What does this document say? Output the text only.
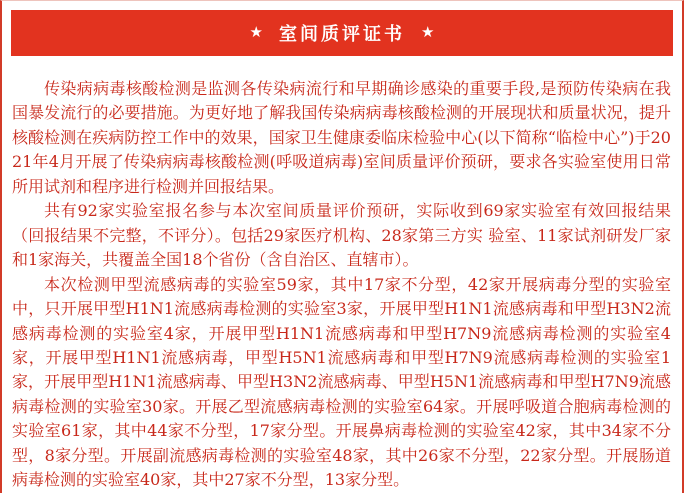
★ 室间质评证书 ★

传染病病毒核酸检测是监测各传染病流行和早期确诊感染的重要手段,是预防传染病在我国暴发流行的必要措施。为更好地了解我国传染病病毒核酸检测的开展现状和质量状况，提升核酸检测在疾病防控工作中的效果，国家卫生健康委临床检验中心(以下简称“临检中心”)于2021年4月开展了传染病病毒核酸检测(呼吸道病毒)室间质量评价预研，要求各实验室使用日常所用试剂和程序进行检测并回报结果。

共有92家实验室报名参与本次室间质量评价预研，实际收到69家实验室有效回报结果（回报结果不完整，不评分）。包括29家医疗机构、28家第三方实 验室、11家试剂研发厂家和1家海关，共覆盖全国18个省份（含自治区、直辖市）。

本次检测甲型流感病毒的实验室59家，其中17家不分型，42家开展病毒分型的实验室中，只开展甲型H1N1流感病毒检测的实验室3家，开展甲型H1N1流感病毒和甲型H3N2流感病毒检测的实验室4家，开展甲型H1N1流感病毒和甲型H7N9流感病毒检测的实验室4家，开展甲型H1N1流感病毒，甲型H5N1流感病毒和甲型H7N9流感病毒检测的实验室1家，开展甲型H1N1流感病毒、甲型H3N2流感病毒、甲型H5N1流感病毒和甲型H7N9流感病毒检测的实验室30家。开展乙型流感病毒检测的实验室64家。开展呼吸道合胞病毒检测的实验室61家，其中44家不分型，17家分型。开展鼻病毒检测的实验室42家，其中34家不分型，8家分型。开展副流感病毒检测的实验室48家，其中26家不分型，22家分型。开展肠道病毒检测的实验室40家，其中27家不分型，13家分型。
